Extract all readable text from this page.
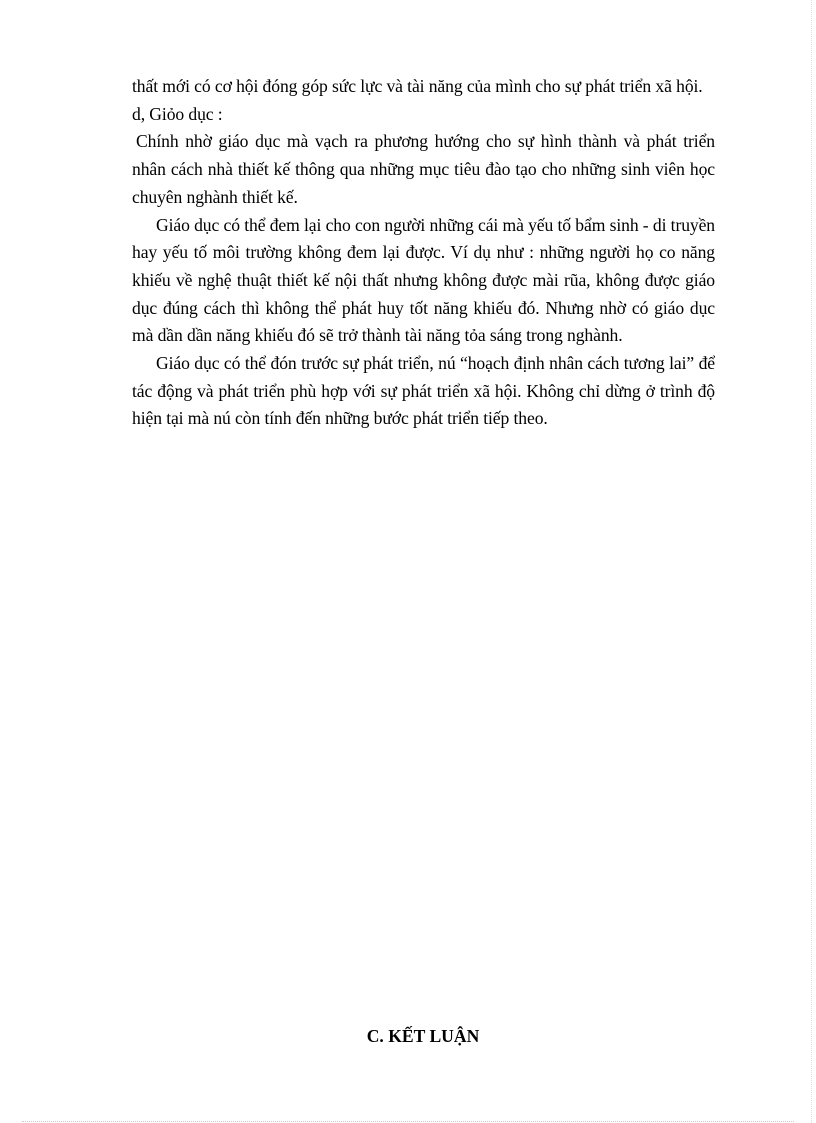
thất mới có cơ hội đóng góp sức lực và tài năng của mình cho sự phát triển xã hội.

d, Giỏo dục :

Chính nhờ giáo dục mà vạch ra phương hướng cho sự hình thành và phát triển nhân cách nhà thiết kế thông qua những mục tiêu đào tạo cho những sinh viên học chuyên nghành thiết kế.

Giáo dục có thể đem lại cho con người những cái mà yếu tố bẩm sinh - di truyền hay yếu tố môi trường không đem lại được. Ví dụ như : những người họ co năng khiếu về nghệ thuật thiết kế nội thất nhưng không được mài rũa, không được giáo dục đúng cách thì không thể phát huy tốt năng khiếu đó. Nhưng nhờ có giáo dục mà dần dần năng khiếu đó sẽ trở thành tài năng tỏa sáng trong nghành.

Giáo dục có thể đón trước sự phát triển, nú “hoạch định nhân cách tương lai” để tác động và phát triển phù hợp với sự phát triển xã hội. Không chỉ dừng ở trình độ hiện tại mà nú còn tính đến những bước phát triển tiếp theo.

C. KẾT LUẬN
